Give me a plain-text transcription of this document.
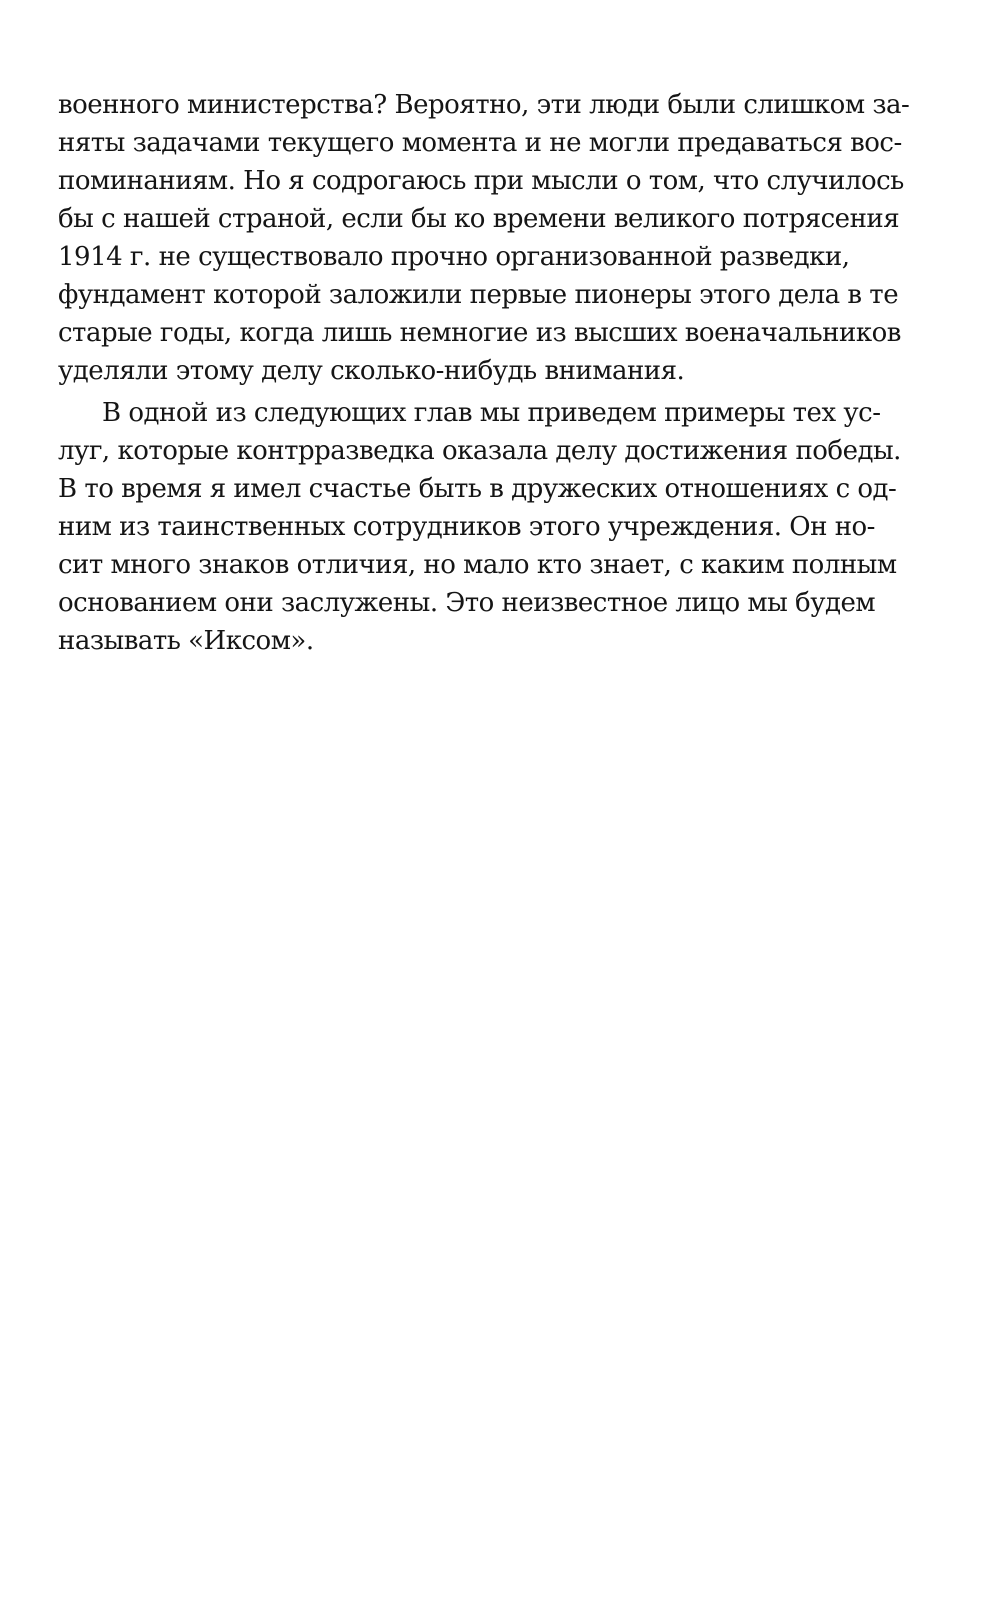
военного министерства? Вероятно, эти люди были слишком за-
няты задачами текущего момента и не могли предаваться вос-
поминаниям. Но я содрогаюсь при мысли о том, что случилось
бы с нашей страной, если бы ко времени великого потрясения
1914 г. не существовало прочно организованной разведки,
фундамент которой заложили первые пионеры этого дела в те
старые годы, когда лишь немногие из высших военачальников
уделяли этому делу сколько-нибудь внимания.
В одной из следующих глав мы приведем примеры тех ус-
луг, которые контрразведка оказала делу достижения победы.
В то время я имел счастье быть в дружеских отношениях с од-
ним из таинственных сотрудников этого учреждения. Он но-
сит много знаков отличия, но мало кто знает, с каким полным
основанием они заслужены. Это неизвестное лицо мы будем
называть «Иксом».
